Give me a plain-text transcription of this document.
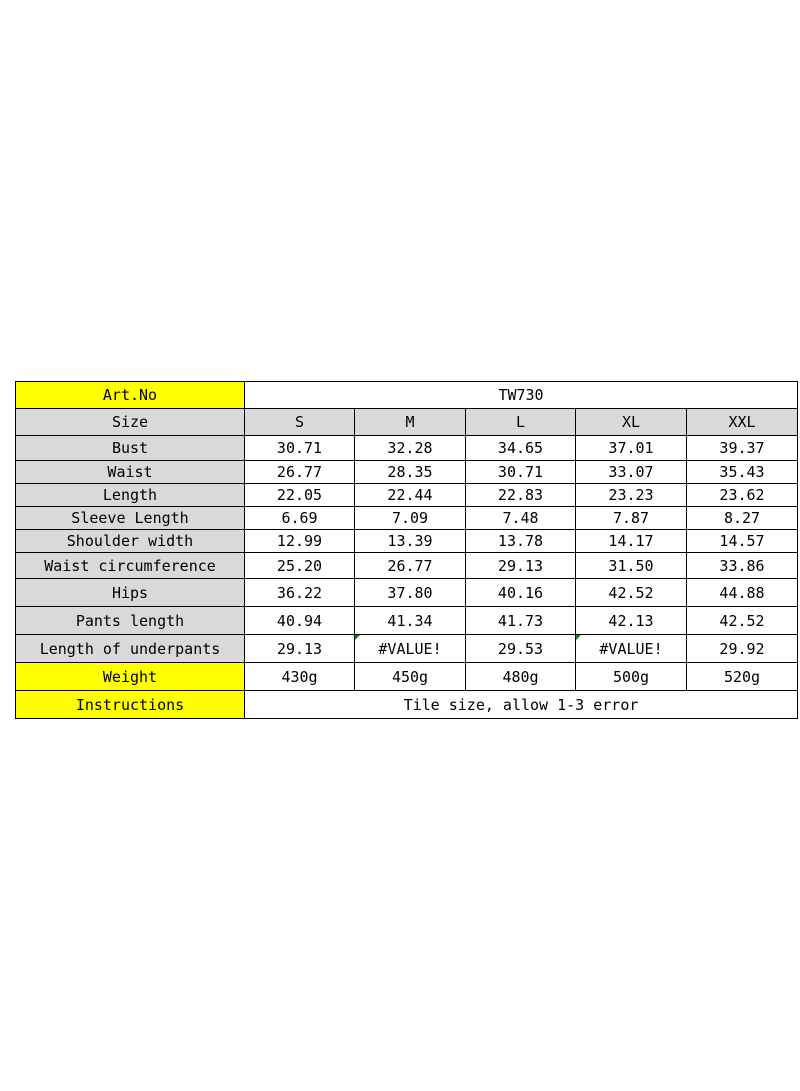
Art.No	TW730				
Size	S	M	L	XL	XXL
Bust	30.71	32.28	34.65	37.01	39.37
Waist	26.77	28.35	30.71	33.07	35.43
Length	22.05	22.44	22.83	23.23	23.62
Sleeve Length	6.69	7.09	7.48	7.87	8.27
Shoulder width	12.99	13.39	13.78	14.17	14.57
Waist circumference	25.20	26.77	29.13	31.50	33.86
Hips	36.22	37.80	40.16	42.52	44.88
Pants length	40.94	41.34	41.73	42.13	42.52
Length of underpants	29.13	#VALUE!	29.53	#VALUE!	29.92
Weight	430g	450g	480g	500g	520g
Instructions	Tile size, allow 1-3 error				
